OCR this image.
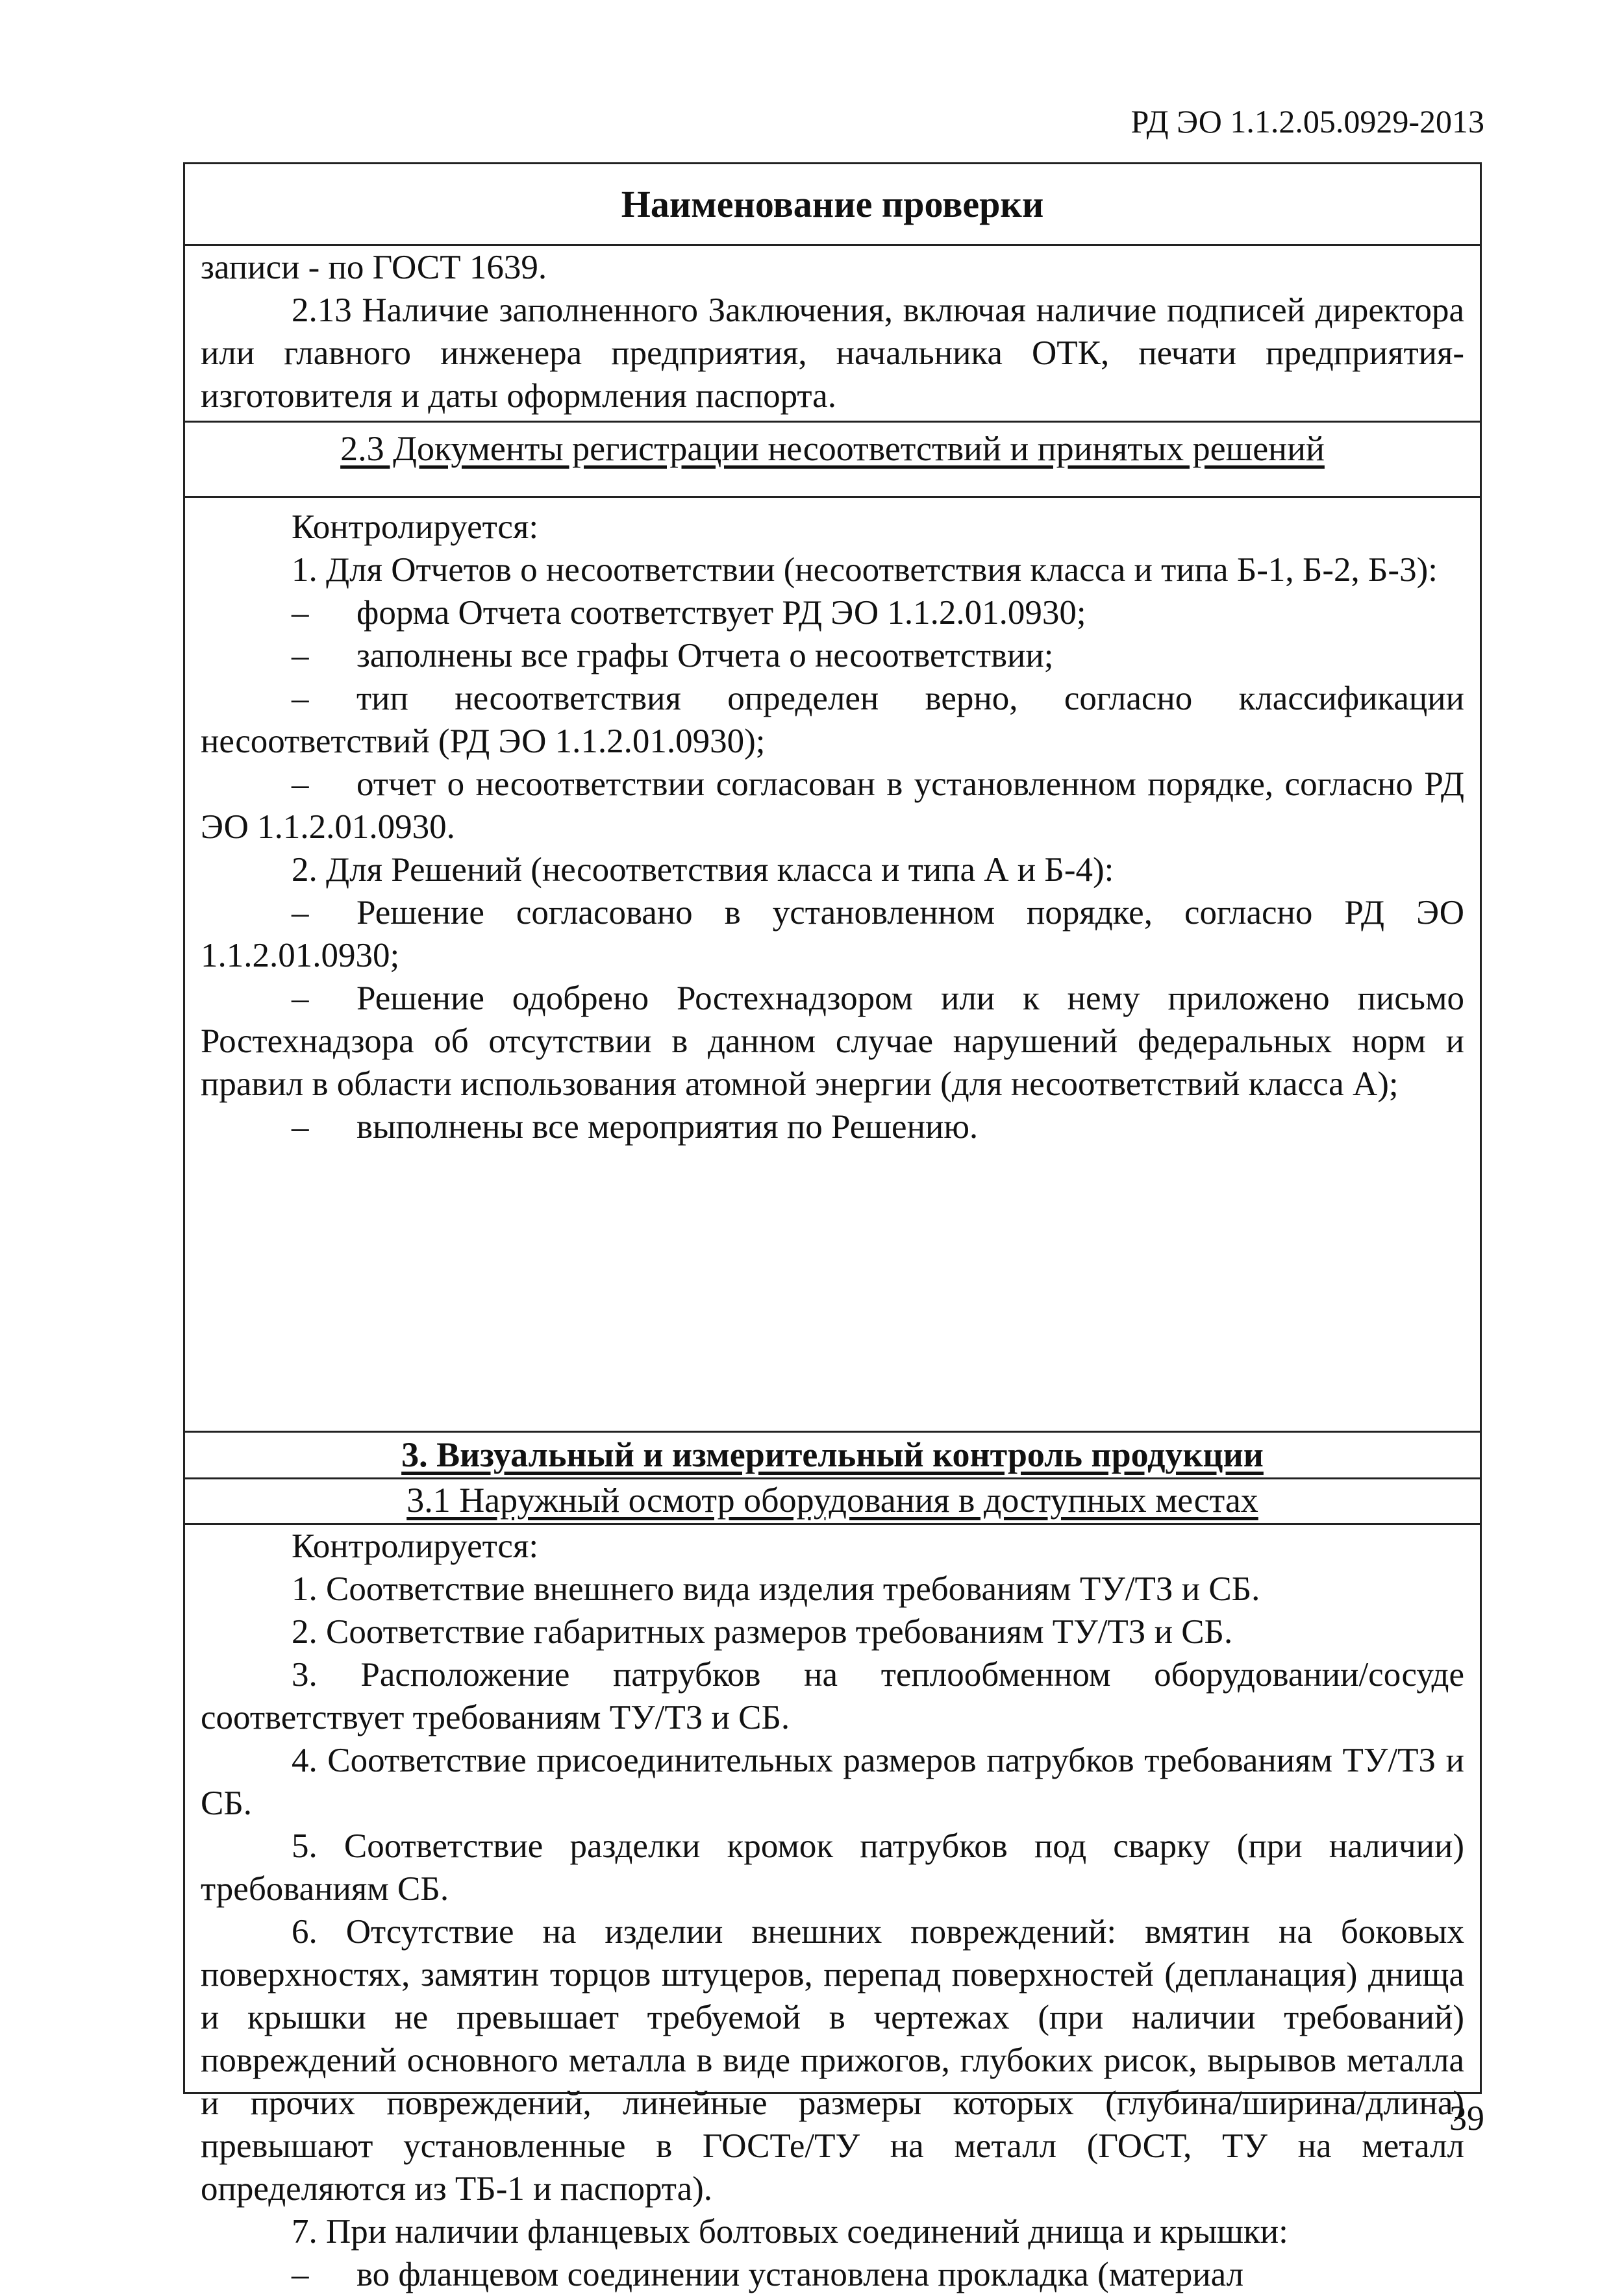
РД ЭО 1.1.2.05.0929-2013
Наименование проверки

записи - по ГОСТ 1639.

2.13 Наличие заполненного Заключения, включая наличие подписей директора или главного инженера предприятия, начальника ОТК, печати предприятия-изготовителя и даты оформления паспорта.

2.3 Документы регистрации несоответствий и принятых решений

Контролируется:

1. Для Отчетов о несоответствии (несоответствия класса и типа Б-1, Б-2, Б-3):

– форма Отчета соответствует РД ЭО 1.1.2.01.0930;

– заполнены все графы Отчета о несоответствии;

– тип несоответствия определен верно, согласно классификации несоответствий (РД ЭО 1.1.2.01.0930);

– отчет о несоответствии согласован в установленном порядке, согласно РД ЭО 1.1.2.01.0930.

2. Для Решений (несоответствия класса и типа А и Б-4):

– Решение согласовано в установленном порядке, согласно РД ЭО 1.1.2.01.0930;

– Решение одобрено Ростехнадзором или к нему приложено письмо Ростехнадзора об отсутствии в данном случае нарушений федеральных норм и правил в области использования атомной энергии (для несоответствий класса А);

– выполнены все мероприятия по Решению.

3. Визуальный и измерительный контроль продукции
3.1 Наружный осмотр оборудования в доступных местах

Контролируется:

1. Соответствие внешнего вида изделия требованиям ТУ/ТЗ и СБ.

2. Соответствие габаритных размеров требованиям ТУ/ТЗ и СБ.

3. Расположение патрубков на теплообменном оборудовании/сосуде соответствует требованиям ТУ/ТЗ и СБ.

4. Соответствие присоединительных размеров патрубков требованиям ТУ/ТЗ и СБ.

5. Соответствие разделки кромок патрубков под сварку (при наличии) требованиям СБ.

6. Отсутствие на изделии внешних повреждений: вмятин на боковых поверхностях, замятин торцов штуцеров, перепад поверхностей (депланация) днища и крышки не превышает требуемой в чертежах (при наличии требований) повреждений основного металла в виде прижогов, глубоких рисок, вырывов металла и прочих повреждений, линейные размеры которых (глубина/ширина/длина) превышают установленные в ГОСТе/ТУ на металл (ГОСТ, ТУ на металл определяются из ТБ-1 и паспорта).

7. При наличии фланцевых болтовых соединений днища и крышки:

– во фланцевом соединении установлена прокладка (материал

39
